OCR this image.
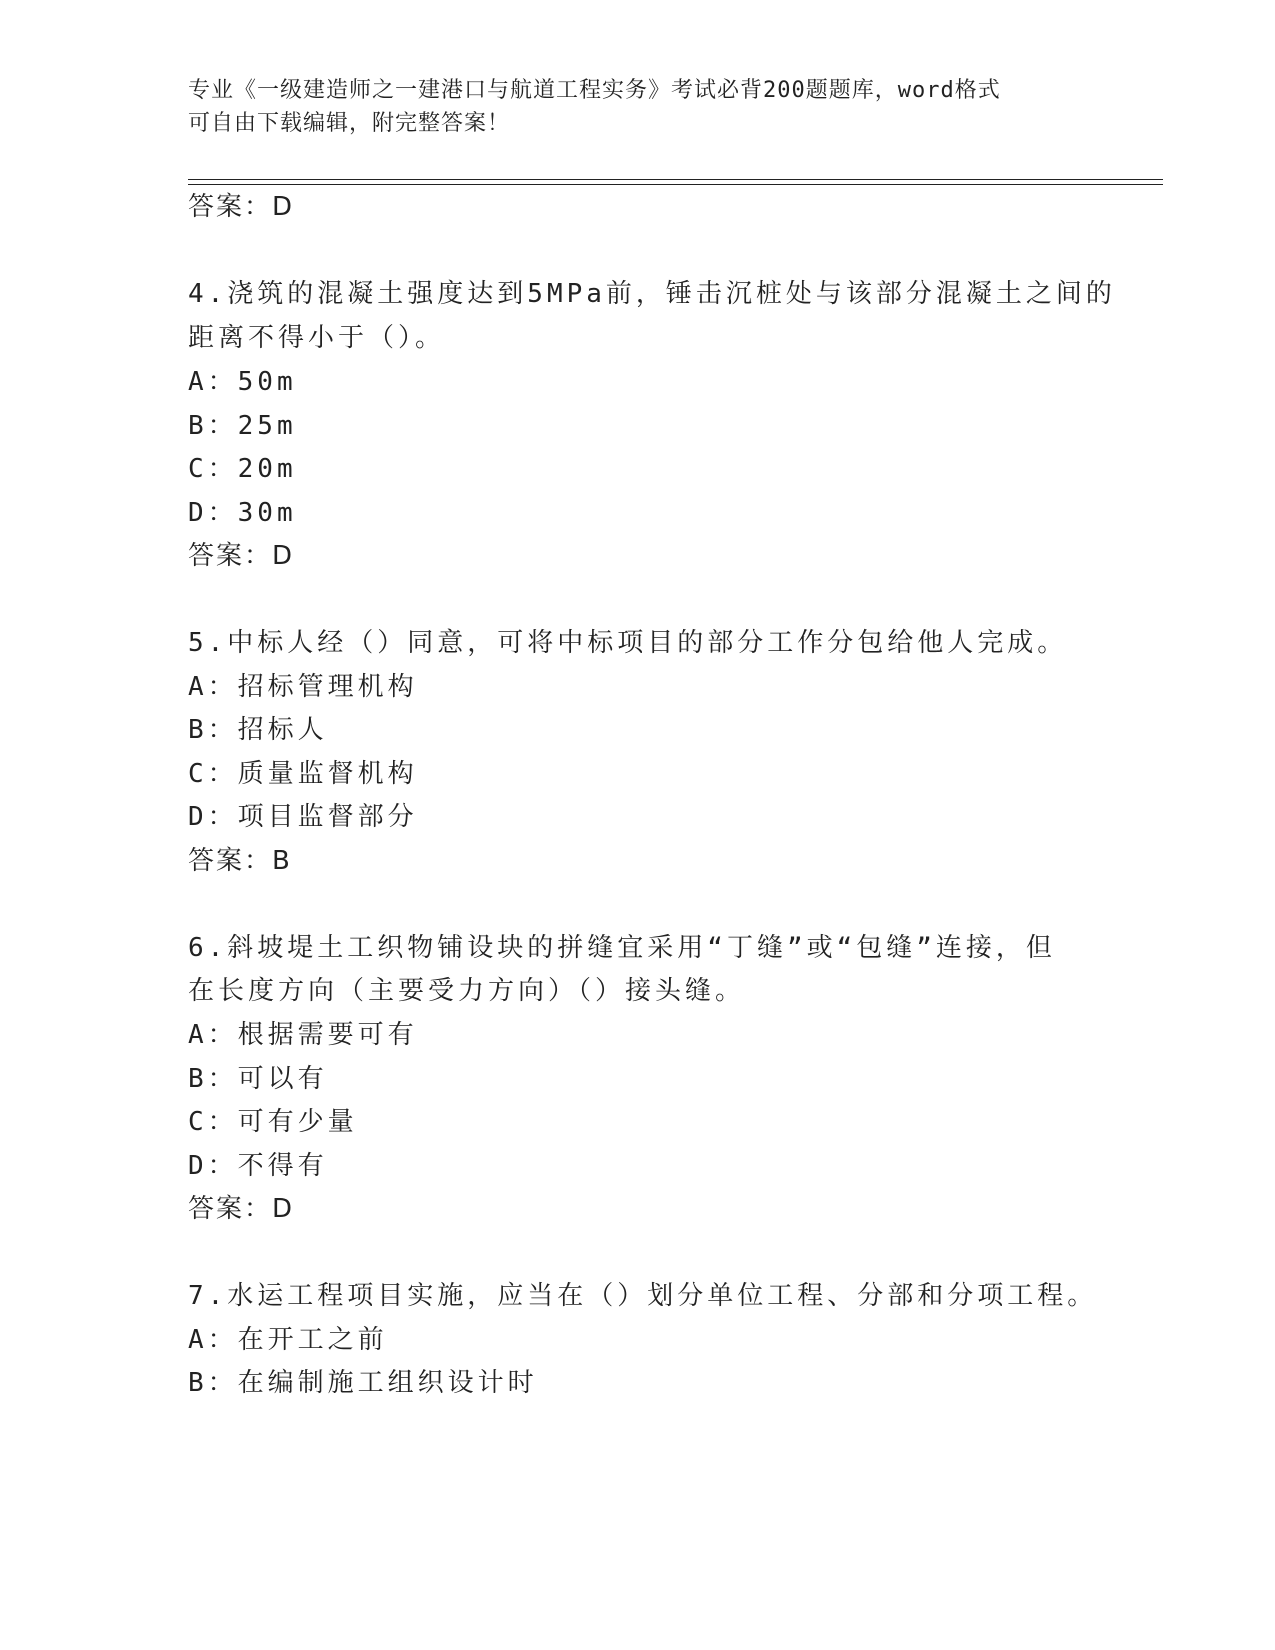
专业《一级建造师之一建港口与航道工程实务》考试必背200题题库，word格式
可自由下载编辑，附完整答案！
答案：D
4.浇筑的混凝土强度达到5MPa前，锤击沉桩处与该部分混凝土之间的
距离不得小于（）。
A：50m
B：25m
C：20m
D：30m
答案：D
5.中标人经（）同意，可将中标项目的部分工作分包给他人完成。
A：招标管理机构
B：招标人
C：质量监督机构
D：项目监督部分
答案：B
6.斜坡堤土工织物铺设块的拼缝宜采用“丁缝”或“包缝”连接，但
在长度方向（主要受力方向）（）接头缝。
A：根据需要可有
B：可以有
C：可有少量
D：不得有
答案：D
7.水运工程项目实施，应当在（）划分单位工程、分部和分项工程。
A：在开工之前
B：在编制施工组织设计时
